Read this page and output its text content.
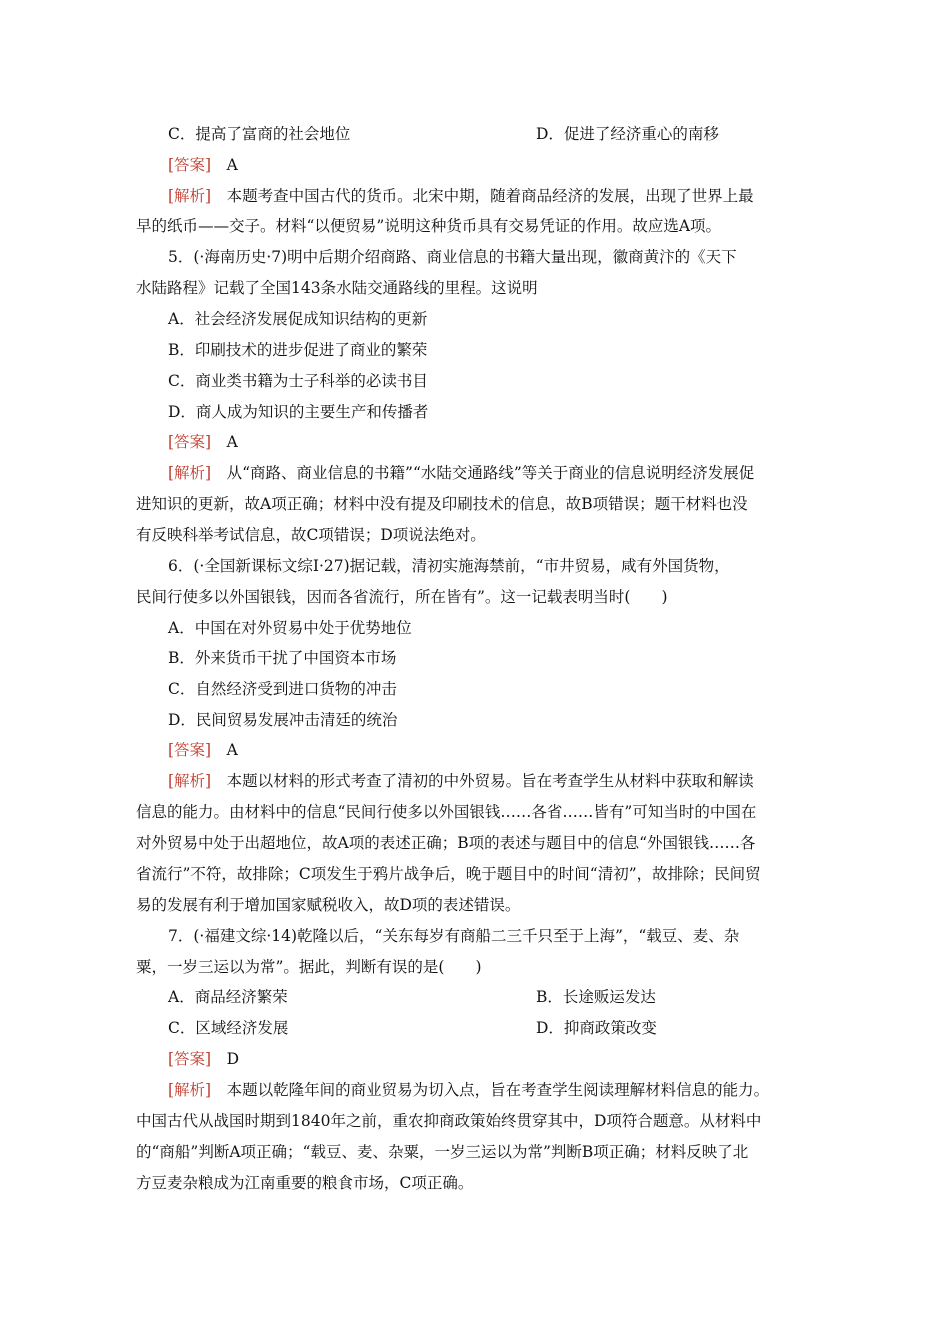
C．提高了富商的社会地位	D．促进了经济重心的南移
[答案]　A
[解析]　本题考查中国古代的货币。北宋中期，随着商品经济的发展，出现了世界上最
早的纸币——交子。材料“以便贸易”说明这种货币具有交易凭证的作用。故应选A项。
5．(·海南历史·7)明中后期介绍商路、商业信息的书籍大量出现，徽商黄汴的《天下
水陆路程》记载了全国143条水陆交通路线的里程。这说明
A．社会经济发展促成知识结构的更新
B．印刷技术的进步促进了商业的繁荣
C．商业类书籍为士子科举的必读书目
D．商人成为知识的主要生产和传播者
[答案]　A
[解析]　从“商路、商业信息的书籍”“水陆交通路线”等关于商业的信息说明经济发展促
进知识的更新，故A项正确；材料中没有提及印刷技术的信息，故B项错误；题干材料也没
有反映科举考试信息，故C项错误；D项说法绝对。
6．(·全国新课标文综Ⅰ·27)据记载，清初实施海禁前，“市井贸易，咸有外国货物，
民间行使多以外国银钱，因而各省流行，所在皆有”。这一记载表明当时(　　)
A．中国在对外贸易中处于优势地位
B．外来货币干扰了中国资本市场
C．自然经济受到进口货物的冲击
D．民间贸易发展冲击清廷的统治
[答案]　A
[解析]　本题以材料的形式考查了清初的中外贸易。旨在考查学生从材料中获取和解读
信息的能力。由材料中的信息“民间行使多以外国银钱……各省……皆有”可知当时的中国在
对外贸易中处于出超地位，故A项的表述正确；B项的表述与题目中的信息“外国银钱……各
省流行”不符，故排除；C项发生于鸦片战争后，晚于题目中的时间“清初”，故排除；民间贸
易的发展有利于增加国家赋税收入，故D项的表述错误。
7．(·福建文综·14)乾隆以后，“关东每岁有商船二三千只至于上海”，“载豆、麦、杂
粟，一岁三运以为常”。据此，判断有误的是(　　)
A．商品经济繁荣	B．长途贩运发达
C．区域经济发展	D．抑商政策改变
[答案]　D
[解析]　本题以乾隆年间的商业贸易为切入点，旨在考查学生阅读理解材料信息的能力。
中国古代从战国时期到1840年之前，重农抑商政策始终贯穿其中，D项符合题意。从材料中
的“商船”判断A项正确；“载豆、麦、杂粟，一岁三运以为常”判断B项正确；材料反映了北
方豆麦杂粮成为江南重要的粮食市场，C项正确。
